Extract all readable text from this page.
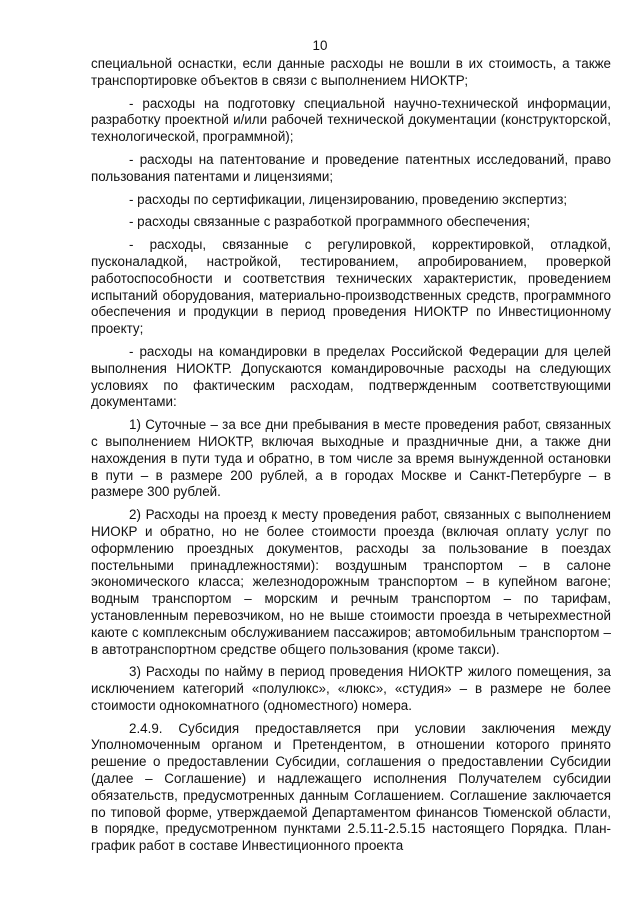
10

специальной оснастки, если данные расходы не вошли в их стоимость, а также транспортировке объектов в связи с выполнением НИОКТР;

- расходы на подготовку специальной научно-технической информации, разработку проектной и/или рабочей технической документации (конструкторской, технологической, программной);

- расходы на патентование и проведение патентных исследований, право пользования патентами и лицензиями;

- расходы по сертификации, лицензированию, проведению экспертиз;

- расходы связанные с разработкой программного обеспечения;

- расходы, связанные с регулировкой, корректировкой, отладкой, пусконаладкой, настройкой, тестированием, апробированием, проверкой работоспособности и соответствия технических характеристик, проведением испытаний оборудования, материально-производственных средств, программного обеспечения и продукции в период проведения НИОКТР по Инвестиционному проекту;

- расходы на командировки в пределах Российской Федерации для целей выполнения НИОКТР. Допускаются командировочные расходы на следующих условиях по фактическим расходам, подтвержденным соответствующими документами:

1) Суточные – за все дни пребывания в месте проведения работ, связанных с выполнением НИОКТР, включая выходные и праздничные дни, а также дни нахождения в пути туда и обратно, в том числе за время вынужденной остановки в пути – в размере 200 рублей, а в городах Москве и Санкт-Петербурге – в размере 300 рублей.

2) Расходы на проезд к месту проведения работ, связанных с выполнением НИОКР и обратно, но не более стоимости проезда (включая оплату услуг по оформлению проездных документов, расходы за пользование в поездах постельными принадлежностями): воздушным транспортом – в салоне экономического класса; железнодорожным транспортом – в купейном вагоне; водным транспортом – морским и речным транспортом – по тарифам, установленным перевозчиком, но не выше стоимости проезда в четырехместной каюте с комплексным обслуживанием пассажиров; автомобильным транспортом – в автотранспортном средстве общего пользования (кроме такси).

3) Расходы по найму в период проведения НИОКТР жилого помещения, за исключением категорий «полулюкс», «люкс», «студия» – в размере не более стоимости однокомнатного (одноместного) номера.

2.4.9. Субсидия предоставляется при условии заключения между Уполномоченным органом и Претендентом, в отношении которого принято решение о предоставлении Субсидии, соглашения о предоставлении Субсидии (далее – Соглашение) и надлежащего исполнения Получателем субсидии обязательств, предусмотренных данным Соглашением. Соглашение заключается по типовой форме, утверждаемой Департаментом финансов Тюменской области, в порядке, предусмотренном пунктами 2.5.11-2.5.15 настоящего Порядка. План-график работ в составе Инвестиционного проекта
